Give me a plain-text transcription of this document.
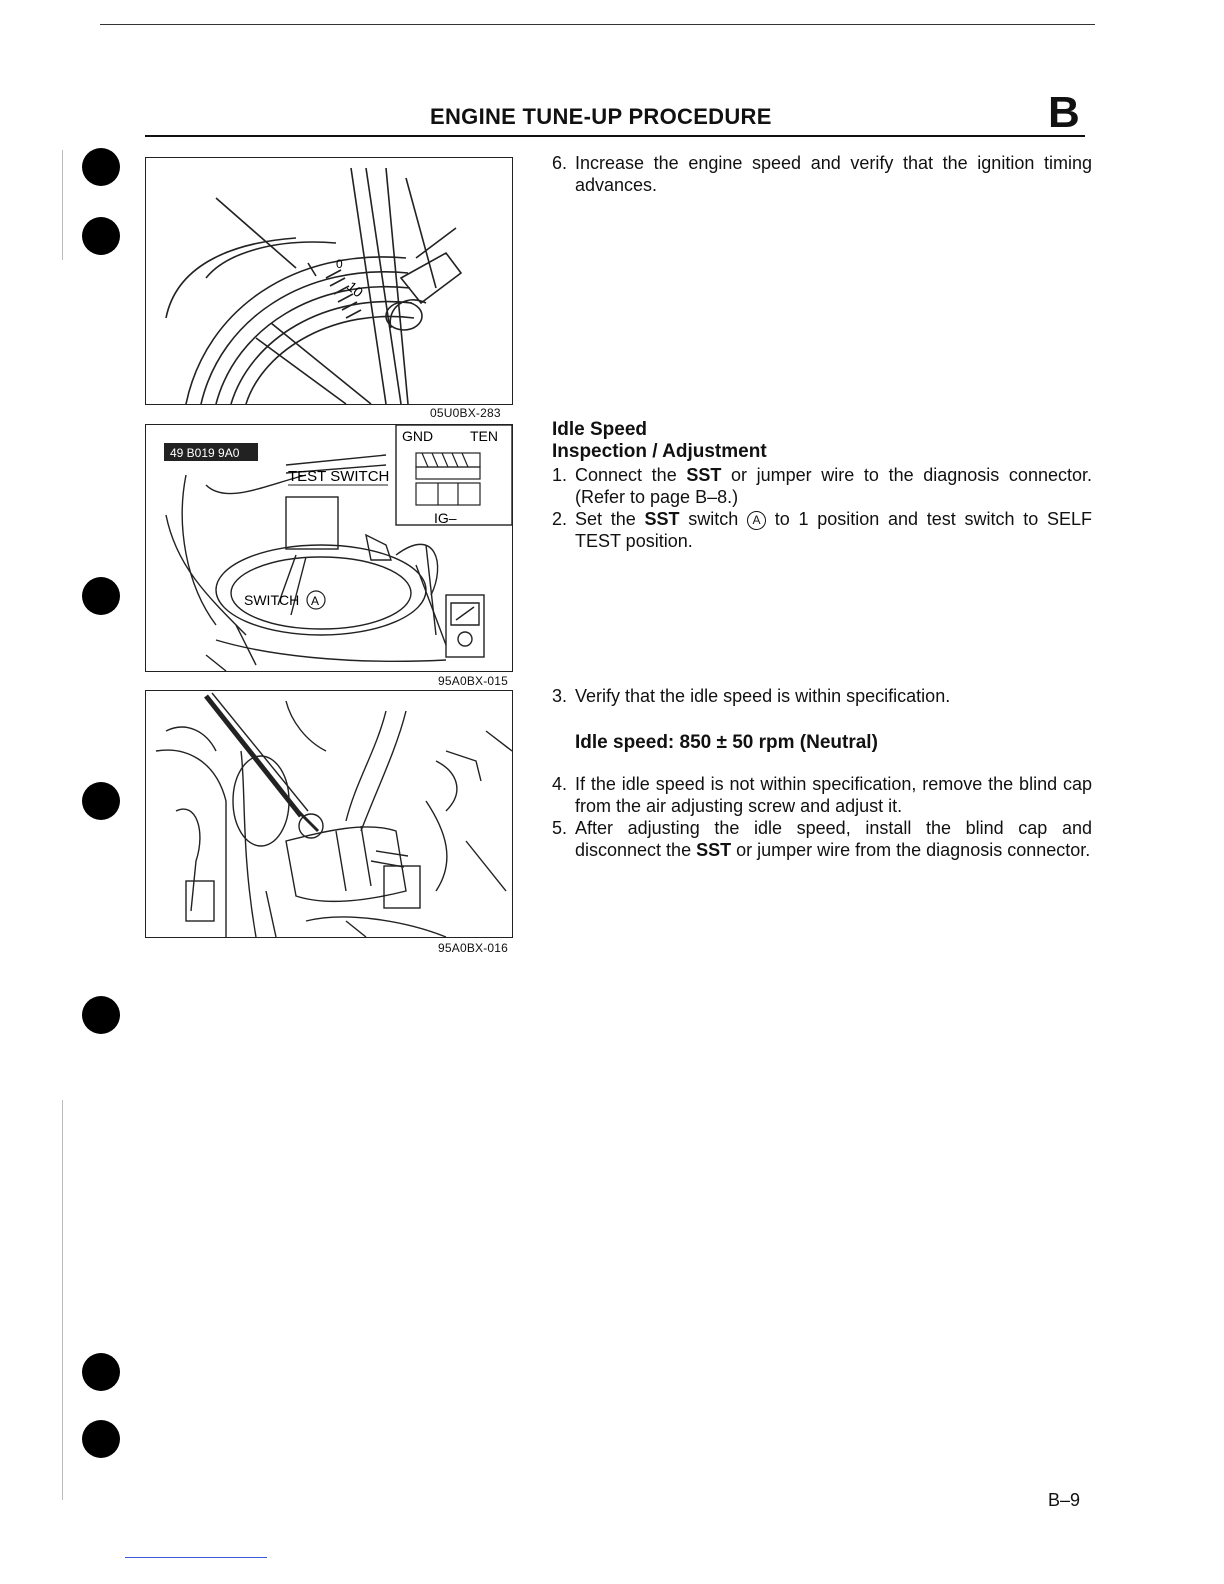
ENGINE TUNE-UP PROCEDURE	B
10
0
05U0BX-283
49 B019 9A0
TEST SWITCH
GND	TEN
IG–
SWITCH A
95A0BX-015
95A0BX-016
6. Increase the engine speed and verify that the ignition timing advances.
Idle Speed
Inspection / Adjustment
1. Connect the SST or jumper wire to the diagnosis connector. (Refer to page B–8.)
2. Set the SST switch A to 1 position and test switch to SELF TEST position.
3. Verify that the idle speed is within specification.
Idle speed: 850 ± 50 rpm (Neutral)
4. If the idle speed is not within specification, remove the blind cap from the air adjusting screw and adjust it.
5. After adjusting the idle speed, install the blind cap and disconnect the SST or jumper wire from the diagnosis connector.
B–9
